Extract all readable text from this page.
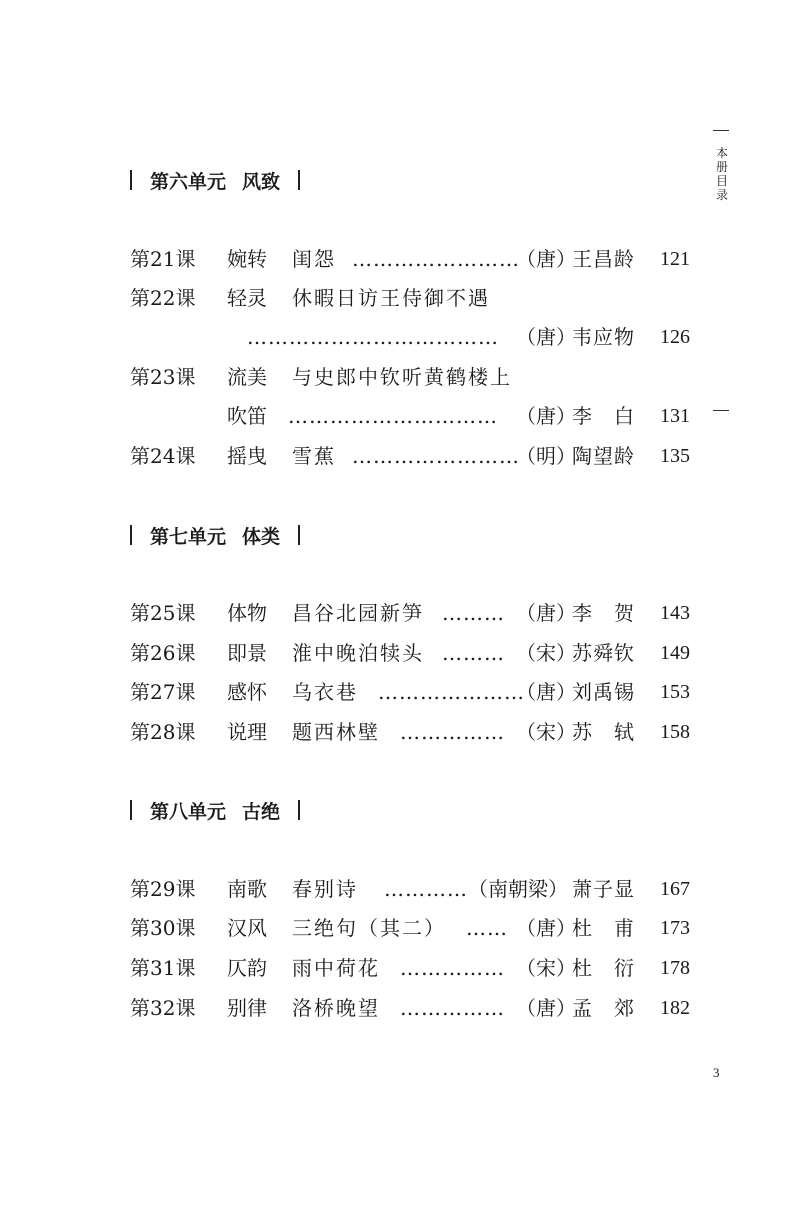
本
册
目
录
第六单元 风致
第21课 婉转 闺怨 ……………………
（唐）
王昌龄 121
第22课 轻灵 休暇日访王侍御不遇
……………………………… （唐）
韦应物 126
第23课 流美 与史郎中钦听黄鹤楼上
吹笛 ………………………… （唐）
李　白 131
第24课 摇曳 雪蕉 ……………………
（明）
陶望龄 135
第七单元 体类
第25课 体物 昌谷北园新笋 ……… （唐）
李　贺 143
第26课 即景 淮中晚泊犊头 ……… （宋）
苏舜钦 149
第27课 感怀 乌衣巷 …………………
（唐）
刘禹锡 153
第28课 说理 题西林壁 …………… （宋）
苏　轼 158
第八单元 古绝
第29课 南歌 春别诗 ………… （南朝梁） 萧子显 167
第30课 汉风 三绝句（其二） …… （唐）
杜　甫 173
第31课 仄韵 雨中荷花 …………… （宋）
杜　衍 178
第32课 别律 洛桥晚望 …………… （唐）
孟　郊 182
3
